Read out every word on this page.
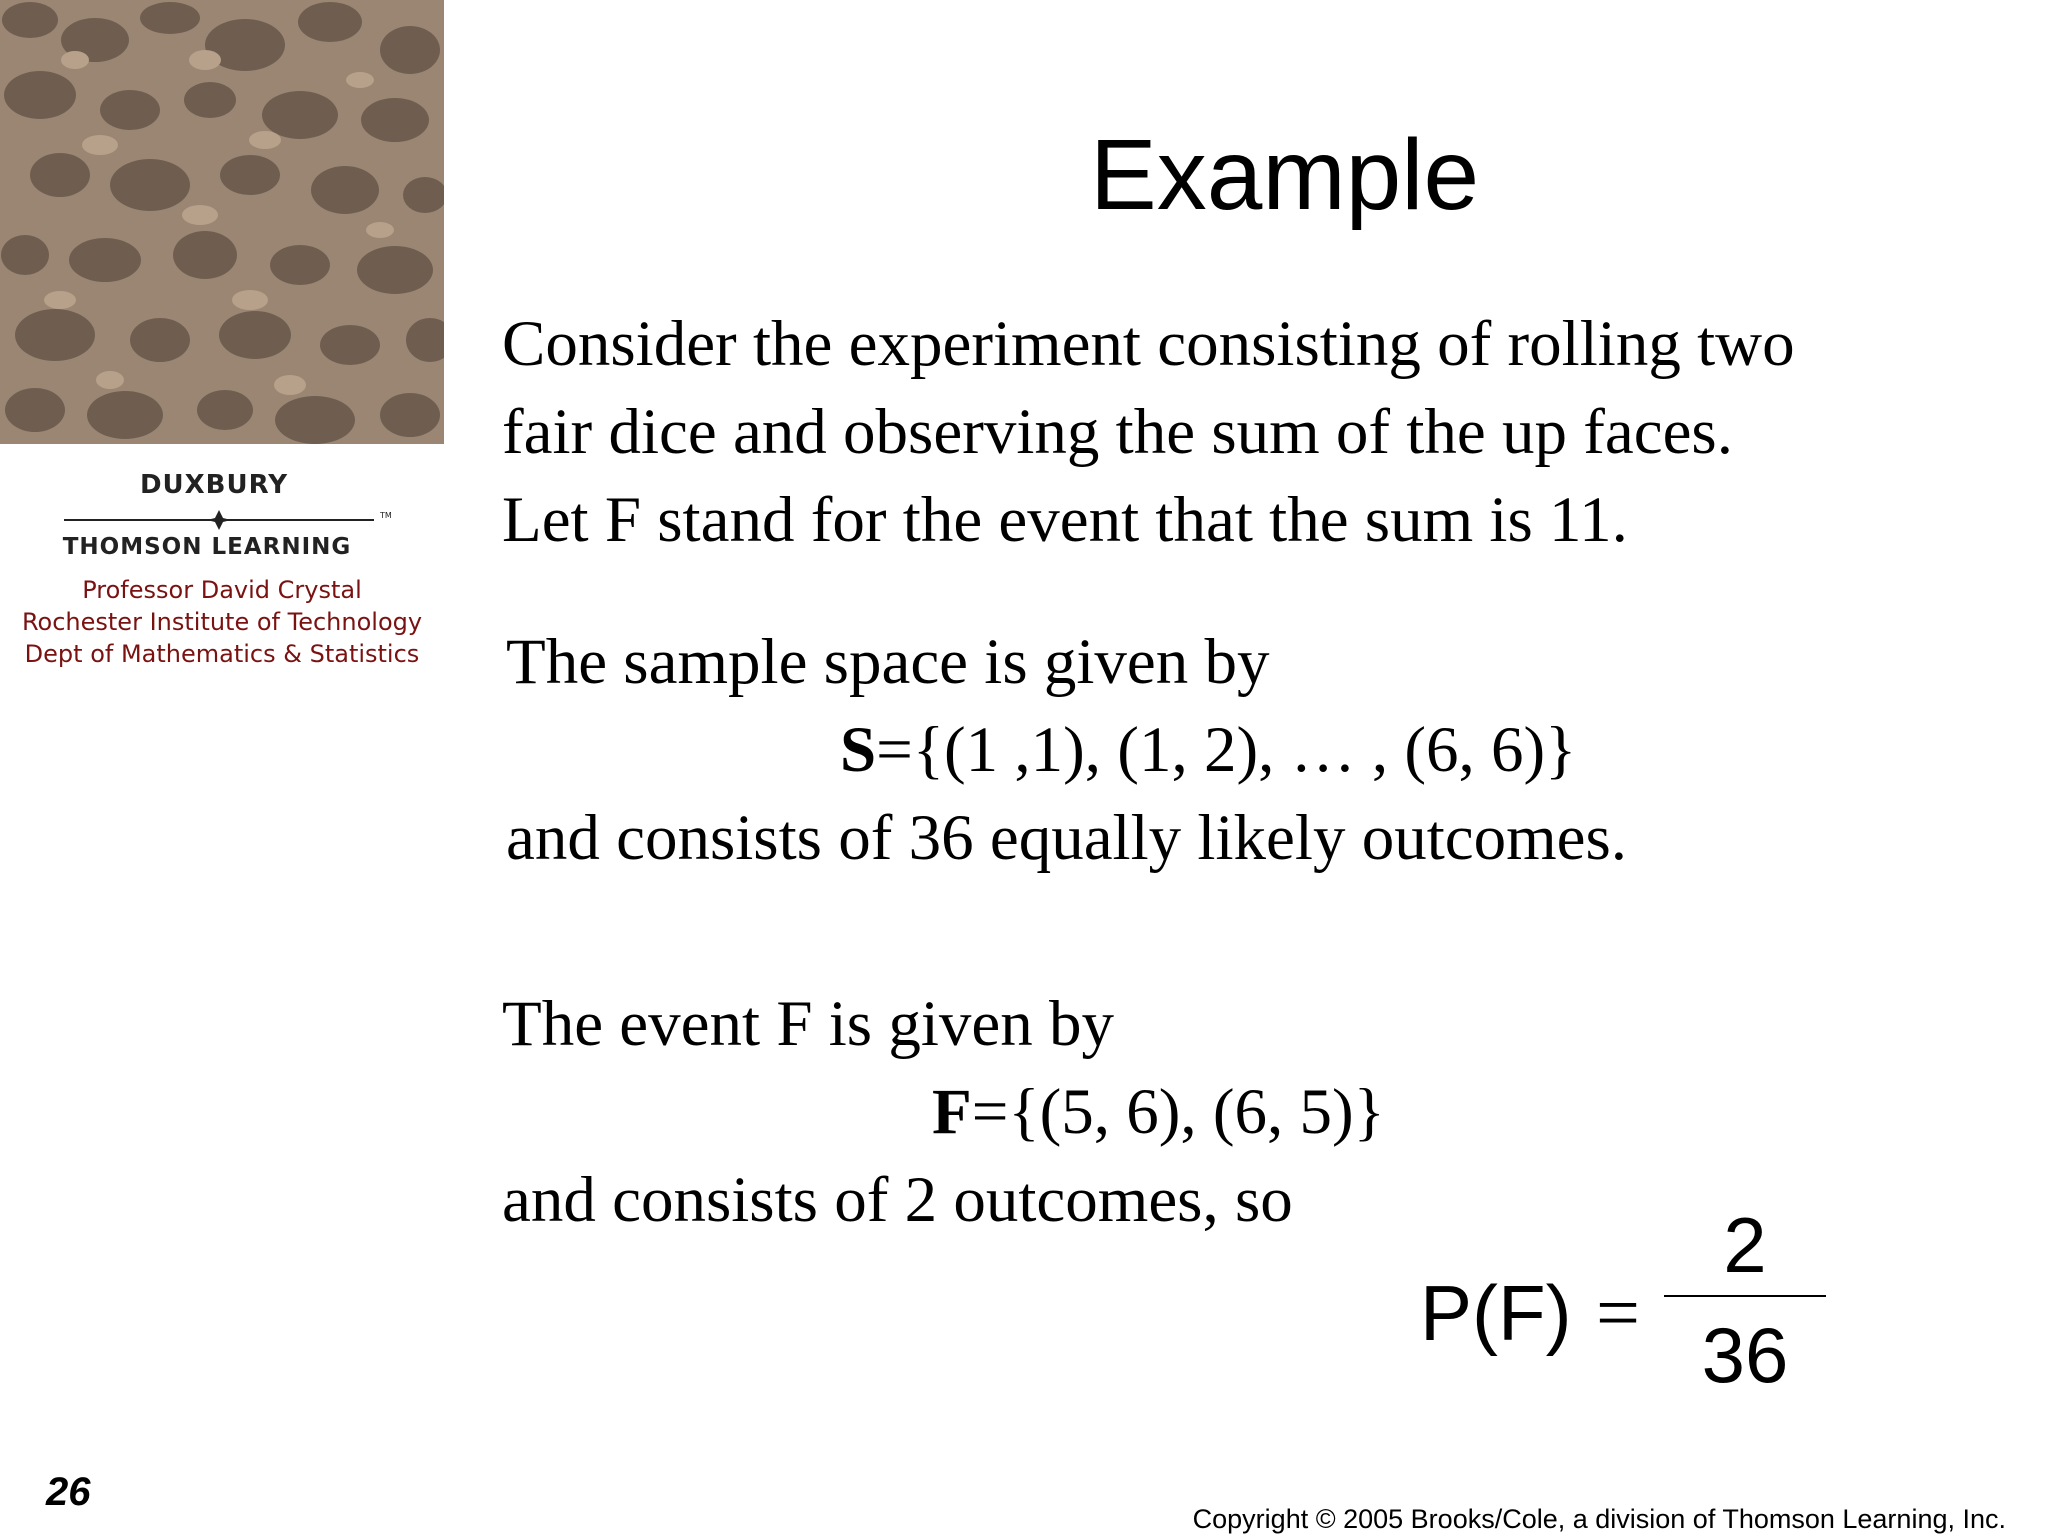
DUXBURY
TM
THOMSON LEARNING
Professor David Crystal
Rochester Institute of Technology
Dept of Mathematics & Statistics
Example
Consider the experiment consisting of rolling two
fair dice and observing the sum of the up faces.
Let F stand for the event that the sum is 11.
The sample space is given by
S={(1 ,1), (1, 2), … , (6, 6)}
and consists of 36 equally likely outcomes.
The event F is given by
F={(5, 6), (6, 5)}
and consists of 2 outcomes, so
P(F) =
2
36
26
Copyright © 2005 Brooks/Cole, a division of Thomson Learning, Inc.
